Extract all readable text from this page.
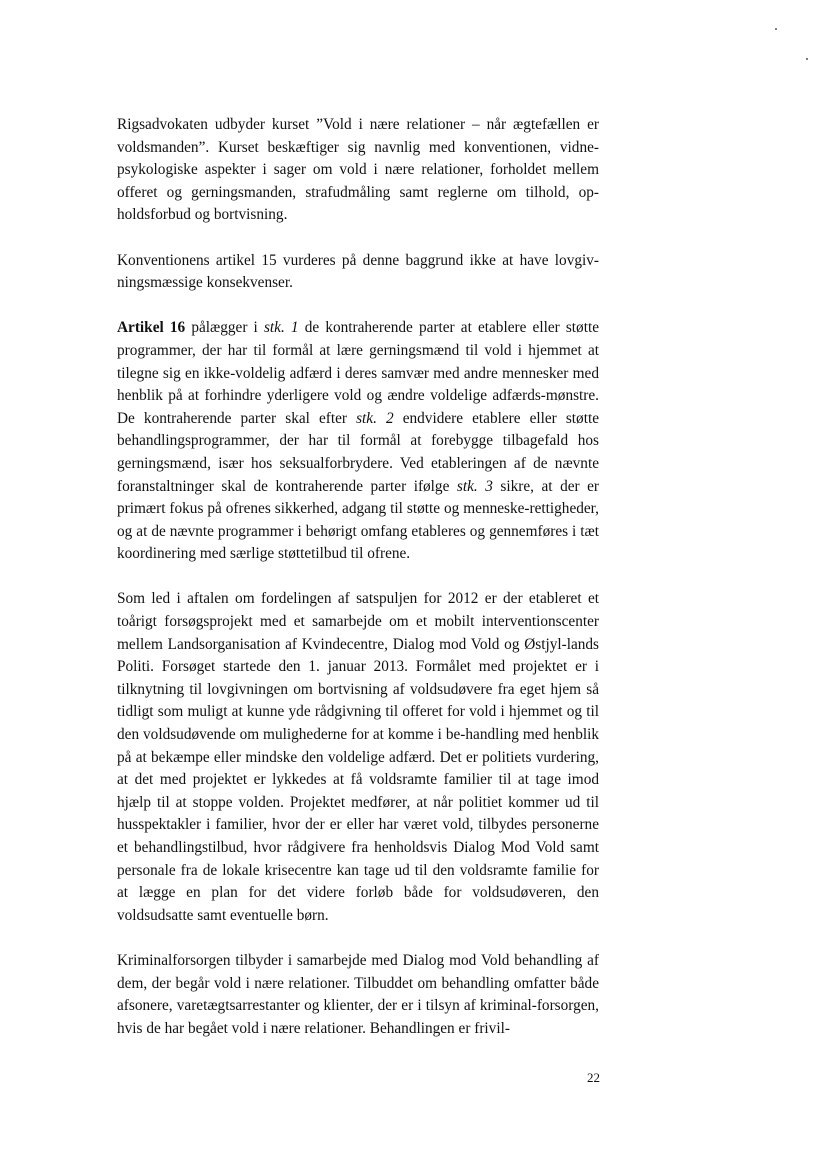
Rigsadvokaten udbyder kurset ”Vold i nære relationer – når ægtefællen er voldsmanden”. Kurset beskæftiger sig navnlig med konventionen, vidne-psykologiske aspekter i sager om vold i nære relationer, forholdet mellem offeret og gerningsmanden, strafudmåling samt reglerne om tilhold, op-holdsforbud og bortvisning.

Konventionens artikel 15 vurderes på denne baggrund ikke at have lovgiv-ningsmæssige konsekvenser.

Artikel 16 pålægger i stk. 1 de kontraherende parter at etablere eller støtte programmer, der har til formål at lære gerningsmænd til vold i hjemmet at tilegne sig en ikke-voldelig adfærd i deres samvær med andre mennesker med henblik på at forhindre yderligere vold og ændre voldelige adfærds-mønstre. De kontraherende parter skal efter stk. 2 endvidere etablere eller støtte behandlingsprogrammer, der har til formål at forebygge tilbagefald hos gerningsmænd, især hos seksualforbrydere. Ved etableringen af de nævnte foranstaltninger skal de kontraherende parter ifølge stk. 3 sikre, at der er primært fokus på ofrenes sikkerhed, adgang til støtte og menneske-rettigheder, og at de nævnte programmer i behørigt omfang etableres og gennemføres i tæt koordinering med særlige støttetilbud til ofrene.

Som led i aftalen om fordelingen af satspuljen for 2012 er der etableret et toårigt forsøgsprojekt med et samarbejde om et mobilt interventionscenter mellem Landsorganisation af Kvindecentre, Dialog mod Vold og Østjyl-lands Politi. Forsøget startede den 1. januar 2013. Formålet med projektet er i tilknytning til lovgivningen om bortvisning af voldsudøvere fra eget hjem så tidligt som muligt at kunne yde rådgivning til offeret for vold i hjemmet og til den voldsudøvende om mulighederne for at komme i be-handling med henblik på at bekæmpe eller mindske den voldelige adfærd. Det er politiets vurdering, at det med projektet er lykkedes at få voldsramte familier til at tage imod hjælp til at stoppe volden. Projektet medfører, at når politiet kommer ud til husspektakler i familier, hvor der er eller har været vold, tilbydes personerne et behandlingstilbud, hvor rådgivere fra henholdsvis Dialog Mod Vold samt personale fra de lokale krisecentre kan tage ud til den voldsramte familie for at lægge en plan for det videre forløb både for voldsudøveren, den voldsudsatte samt eventuelle børn.

Kriminalforsorgen tilbyder i samarbejde med Dialog mod Vold behandling af dem, der begår vold i nære relationer. Tilbuddet om behandling omfatter både afsonere, varetægtsarrestanter og klienter, der er i tilsyn af kriminal-forsorgen, hvis de har begået vold i nære relationer. Behandlingen er frivil-

22
